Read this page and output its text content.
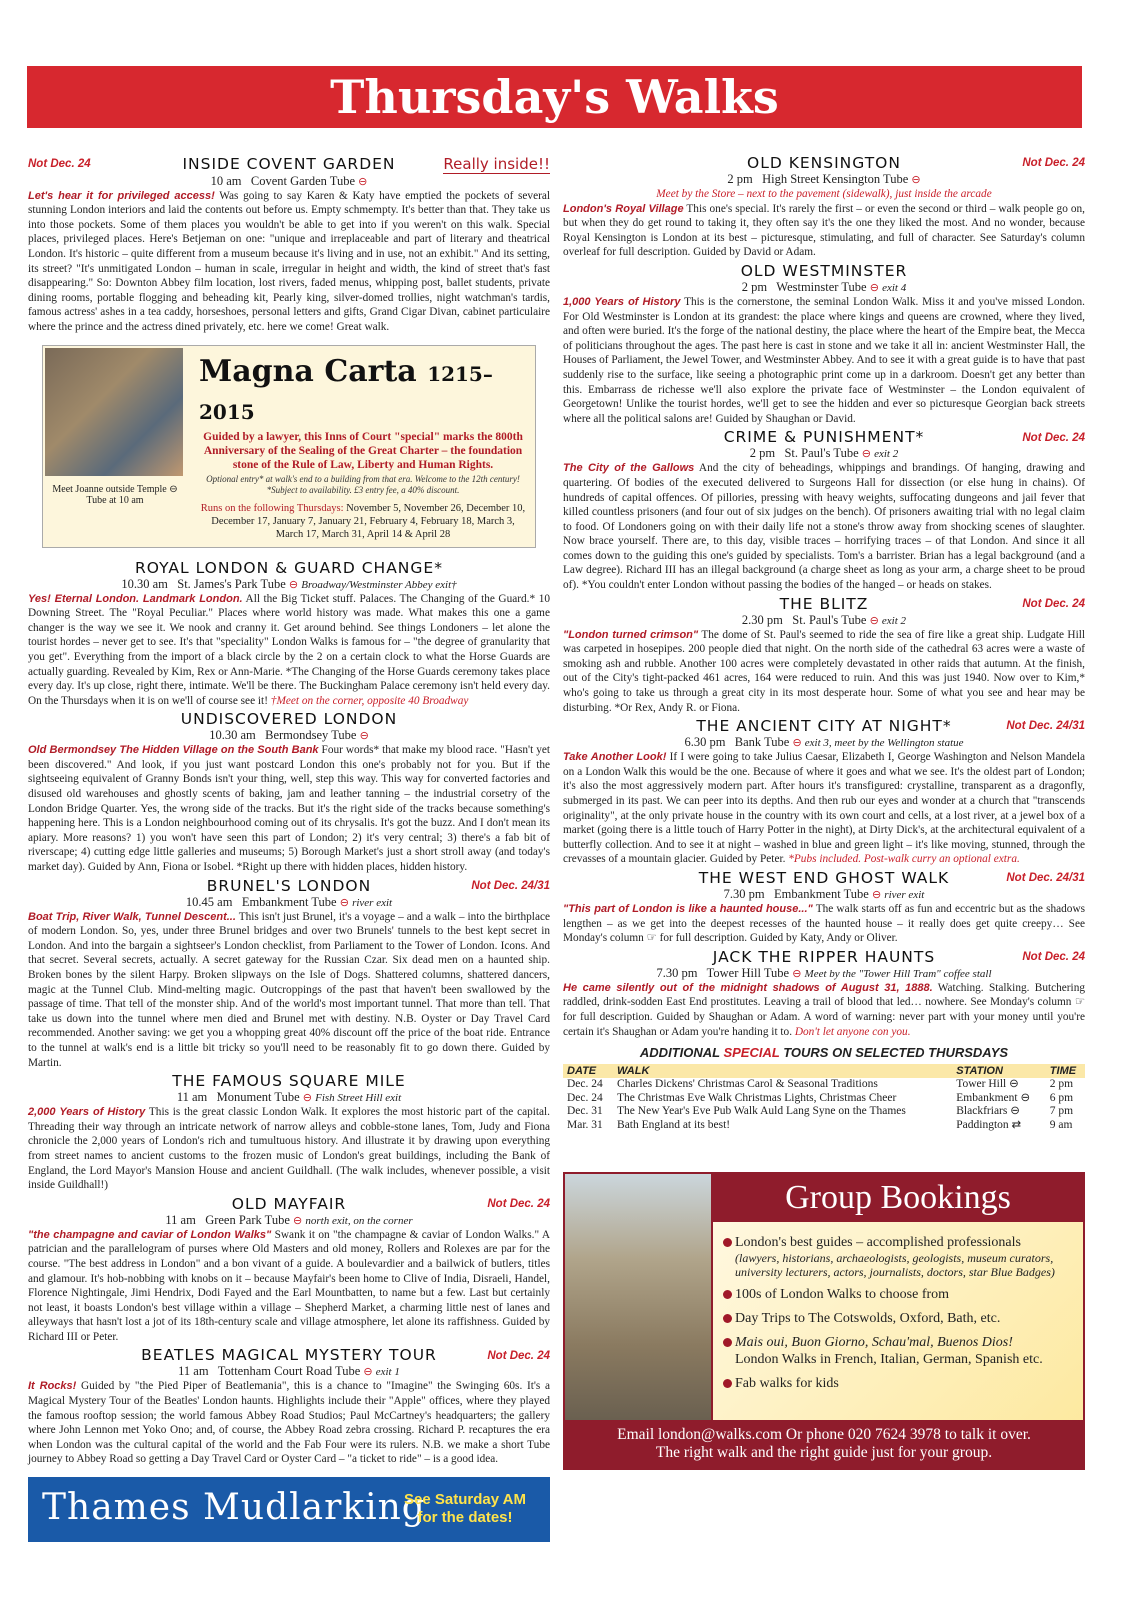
Thursday's Walks
Not Dec. 24	INSIDE COVENT GARDEN	Really inside!!
10 am Covent Garden Tube ⊖
Let's hear it for privileged access! Was going to say Karen & Katy have emptied the pockets of several stunning London interiors and laid the contents out before us. Empty schmempty. It's better than that. They take us into those pockets. Some of them places you wouldn't be able to get into if you weren't on this walk. Special places, privileged places. Here's Betjeman on one: "unique and irreplaceable and part of literary and theatrical London. It's historic – quite different from a museum because it's living and in use, not an exhibit." And its setting, its street? "It's unmitigated London – human in scale, irregular in height and width, the kind of street that's fast disappearing." So: Downton Abbey film location, lost rivers, faded menus, whipping post, ballet students, private dining rooms, portable flogging and beheading kit, Pearly king, silver-domed trollies, night watchman's tardis, famous actress' ashes in a tea caddy, horseshoes, personal letters and gifts, Grand Cigar Divan, cabinet particulaire where the prince and the actress dined privately, etc. here we come! Great walk.
Meet Joanne outside Temple ⊖ Tube at 10 am
Magna Carta 1215–2015
Guided by a lawyer, this Inns of Court "special" marks the 800th Anniversary of the Sealing of the Great Charter – the foundation stone of the Rule of Law, Liberty and Human Rights.
Optional entry* at walk's end to a building from that era. Welcome to the 12th century! *Subject to availability. £3 entry fee, a 40% discount.
Runs on the following Thursdays: November 5, November 26, December 10, December 17, January 7, January 21, February 4, February 18, March 3, March 17, March 31, April 14 & April 28
ROYAL LONDON & GUARD CHANGE*
10.30 am St. James's Park Tube ⊖ Broadway/Westminster Abbey exit†
Yes! Eternal London. Landmark London. All the Big Ticket stuff. Palaces. The Changing of the Guard.* 10 Downing Street. The "Royal Peculiar." Places where world history was made. What makes this one a game changer is the way we see it. We nook and cranny it. Get around behind. See things Londoners – let alone the tourist hordes – never get to see. It's that "speciality" London Walks is famous for – "the degree of granularity that you get". Everything from the import of a black circle by the 2 on a certain clock to what the Horse Guards are actually guarding. Revealed by Kim, Rex or Ann-Marie. *The Changing of the Horse Guards ceremony takes place every day. It's up close, right there, intimate. We'll be there. The Buckingham Palace ceremony isn't held every day. On the Thursdays when it is on we'll of course see it! †Meet on the corner, opposite 40 Broadway
UNDISCOVERED LONDON
10.30 am Bermondsey Tube ⊖
Old Bermondsey The Hidden Village on the South Bank Four words* that make my blood race. "Hasn't yet been discovered." And look, if you just want postcard London this one's probably not for you. But if the sightseeing equivalent of Granny Bonds isn't your thing, well, step this way. This way for converted factories and disused old warehouses and ghostly scents of baking, jam and leather tanning – the industrial corsetry of the London Bridge Quarter. Yes, the wrong side of the tracks. But it's the right side of the tracks because something's happening here. This is a London neighbourhood coming out of its chrysalis. It's got the buzz. And I don't mean its apiary. More reasons? 1) you won't have seen this part of London; 2) it's very central; 3) there's a fab bit of riverscape; 4) cutting edge little galleries and museums; 5) Borough Market's just a short stroll away (and today's market day). Guided by Ann, Fiona or Isobel. *Right up there with hidden places, hidden history.
BRUNEL'S LONDON	Not Dec. 24/31
10.45 am Embankment Tube ⊖ river exit
Boat Trip, River Walk, Tunnel Descent... This isn't just Brunel, it's a voyage – and a walk – into the birthplace of modern London. So, yes, under three Brunel bridges and over two Brunels' tunnels to the best kept secret in London. And into the bargain a sightseer's London checklist, from Parliament to the Tower of London. Icons. And that secret. Several secrets, actually. A secret gateway for the Russian Czar. Six dead men on a haunted ship. Broken bones by the silent Harpy. Broken slipways on the Isle of Dogs. Shattered columns, shattered dancers, magic at the Tunnel Club. Mind-melting magic. Outcroppings of the past that haven't been swallowed by the passage of time. That tell of the monster ship. And of the world's most important tunnel. That more than tell. That take us down into the tunnel where men died and Brunel met with destiny. N.B. Oyster or Day Travel Card recommended. Another saving: we get you a whopping great 40% discount off the price of the boat ride. Entrance to the tunnel at walk's end is a little bit tricky so you'll need to be reasonably fit to go down there. Guided by Martin.
THE FAMOUS SQUARE MILE
11 am Monument Tube ⊖ Fish Street Hill exit
2,000 Years of History This is the great classic London Walk. It explores the most historic part of the capital. Threading their way through an intricate network of narrow alleys and cobble-stone lanes, Tom, Judy and Fiona chronicle the 2,000 years of London's rich and tumultuous history. And illustrate it by drawing upon everything from street names to ancient customs to the frozen music of London's great buildings, including the Bank of England, the Lord Mayor's Mansion House and ancient Guildhall. (The walk includes, whenever possible, a visit inside Guildhall!)
OLD MAYFAIR	Not Dec. 24
11 am Green Park Tube ⊖ north exit, on the corner
"the champagne and caviar of London Walks" Swank it on "the champagne & caviar of London Walks." A patrician and the parallelogram of purses where Old Masters and old money, Rollers and Rolexes are par for the course. "The best address in London" and a bon vivant of a guide. A boulevardier and a bailwick of butlers, titles and glamour. It's hob-nobbing with knobs on it – because Mayfair's been home to Clive of India, Disraeli, Handel, Florence Nightingale, Jimi Hendrix, Dodi Fayed and the Earl Mountbatten, to name but a few. Last but certainly not least, it boasts London's best village within a village – Shepherd Market, a charming little nest of lanes and alleyways that hasn't lost a jot of its 18th-century scale and village atmosphere, let alone its raffishness. Guided by Richard III or Peter.
BEATLES MAGICAL MYSTERY TOUR	Not Dec. 24
11 am Tottenham Court Road Tube ⊖ exit 1
It Rocks! Guided by "the Pied Piper of Beatlemania", this is a chance to "Imagine" the Swinging 60s. It's a Magical Mystery Tour of the Beatles' London haunts. Highlights include their "Apple" offices, where they played the famous rooftop session; the world famous Abbey Road Studios; Paul McCartney's headquarters; the gallery where John Lennon met Yoko Ono; and, of course, the Abbey Road zebra crossing. Richard P. recaptures the era when London was the cultural capital of the world and the Fab Four were its rulers. N.B. we make a short Tube journey to Abbey Road so getting a Day Travel Card or Oyster Card – "a ticket to ride" – is a good idea.
Thames Mudlarking
See Saturday AM for the dates!
OLD KENSINGTON	Not Dec. 24
2 pm High Street Kensington Tube ⊖
Meet by the Store – next to the pavement (sidewalk), just inside the arcade
London's Royal Village This one's special. It's rarely the first – or even the second or third – walk people go on, but when they do get round to taking it, they often say it's the one they liked the most. And no wonder, because Royal Kensington is London at its best – picturesque, stimulating, and full of character. See Saturday's column overleaf for full description. Guided by David or Adam.
OLD WESTMINSTER
2 pm Westminster Tube ⊖ exit 4
1,000 Years of History This is the cornerstone, the seminal London Walk. Miss it and you've missed London. For Old Westminster is London at its grandest: the place where kings and queens are crowned, where they lived, and often were buried. It's the forge of the national destiny, the place where the heart of the Empire beat, the Mecca of politicians throughout the ages. The past here is cast in stone and we take it all in: ancient Westminster Hall, the Houses of Parliament, the Jewel Tower, and Westminster Abbey. And to see it with a great guide is to have that past suddenly rise to the surface, like seeing a photographic print come up in a darkroom. Doesn't get any better than this. Embarrass de richesse we'll also explore the private face of Westminster – the London equivalent of Georgetown! Unlike the tourist hordes, we'll get to see the hidden and ever so picturesque Georgian back streets where all the political salons are! Guided by Shaughan or David.
CRIME & PUNISHMENT*	Not Dec. 24
2 pm St. Paul's Tube ⊖ exit 2
The City of the Gallows And the city of beheadings, whippings and brandings. Of hanging, drawing and quartering. Of bodies of the executed delivered to Surgeons Hall for dissection (or else hung in chains). Of hundreds of capital offences. Of pillories, pressing with heavy weights, suffocating dungeons and jail fever that killed countless prisoners (and four out of six judges on the bench). Of prisoners awaiting trial with no legal claim to food. Of Londoners going on with their daily life not a stone's throw away from shocking scenes of slaughter. Now brace yourself. There are, to this day, visible traces – horrifying traces – of that London. And since it all comes down to the guiding this one's guided by specialists. Tom's a barrister. Brian has a legal background (and a Law degree). Richard III has an illegal background (a charge sheet as long as your arm, a charge sheet to be proud of). *You couldn't enter London without passing the bodies of the hanged – or heads on stakes.
THE BLITZ	Not Dec. 24
2.30 pm St. Paul's Tube ⊖ exit 2
"London turned crimson" The dome of St. Paul's seemed to ride the sea of fire like a great ship. Ludgate Hill was carpeted in hosepipes. 200 people died that night. On the north side of the cathedral 63 acres were a waste of smoking ash and rubble. Another 100 acres were completely devastated in other raids that autumn. At the finish, out of the City's tight-packed 461 acres, 164 were reduced to ruin. And this was just 1940. Now over to Kim,* who's going to take us through a great city in its most desperate hour. Some of what you see and hear may be disturbing. *Or Rex, Andy R. or Fiona.
THE ANCIENT CITY AT NIGHT*	Not Dec. 24/31
6.30 pm Bank Tube ⊖ exit 3, meet by the Wellington statue
Take Another Look! If I were going to take Julius Caesar, Elizabeth I, George Washington and Nelson Mandela on a London Walk this would be the one. Because of where it goes and what we see. It's the oldest part of London; it's also the most aggressively modern part. After hours it's transfigured: crystalline, transparent as a dragonfly, submerged in its past. We can peer into its depths. And then rub our eyes and wonder at a church that "transcends originality", at the only private house in the country with its own court and cells, at a lost river, at a jewel box of a market (going there is a little touch of Harry Potter in the night), at Dirty Dick's, at the architectural equivalent of a butterfly collection. And to see it at night – washed in blue and green light – it's like moving, stunned, through the crevasses of a mountain glacier. Guided by Peter. *Pubs included. Post-walk curry an optional extra.
THE WEST END GHOST WALK	Not Dec. 24/31
7.30 pm Embankment Tube ⊖ river exit
"This part of London is like a haunted house..." The walk starts off as fun and eccentric but as the shadows lengthen – as we get into the deepest recesses of the haunted house – it really does get quite creepy… See Monday's column ☞ for full description. Guided by Katy, Andy or Oliver.
JACK THE RIPPER HAUNTS	Not Dec. 24
7.30 pm Tower Hill Tube ⊖ Meet by the "Tower Hill Tram" coffee stall
He came silently out of the midnight shadows of August 31, 1888. Watching. Stalking. Butchering raddled, drink-sodden East End prostitutes. Leaving a trail of blood that led… nowhere. See Monday's column ☞ for full description. Guided by Shaughan or Adam. A word of warning: never part with your money until you're certain it's Shaughan or Adam you're handing it to. Don't let anyone con you.
ADDITIONAL SPECIAL TOURS ON SELECTED THURSDAYS
DATE	WALK	STATION	TIME
Dec. 24	Charles Dickens' Christmas Carol & Seasonal Traditions	Tower Hill ⊖	2 pm
Dec. 24	The Christmas Eve Walk Christmas Lights, Christmas Cheer	Embankment ⊖	6 pm
Dec. 31	The New Year's Eve Pub Walk Auld Lang Syne on the Thames	Blackfriars ⊖	7 pm
Mar. 31	Bath England at its best!	Paddington ⇄	9 am
Group Bookings
London's best guides – accomplished professionals
(lawyers, historians, archaeologists, geologists, museum curators, university lecturers, actors, journalists, doctors, star Blue Badges)
100s of London Walks to choose from
Day Trips to The Cotswolds, Oxford, Bath, etc.
Mais oui, Buon Giorno, Schau'mal, Buenos Dios!
London Walks in French, Italian, German, Spanish etc.
Fab walks for kids
Email london@walks.com Or phone 020 7624 3978 to talk it over.
The right walk and the right guide just for your group.
